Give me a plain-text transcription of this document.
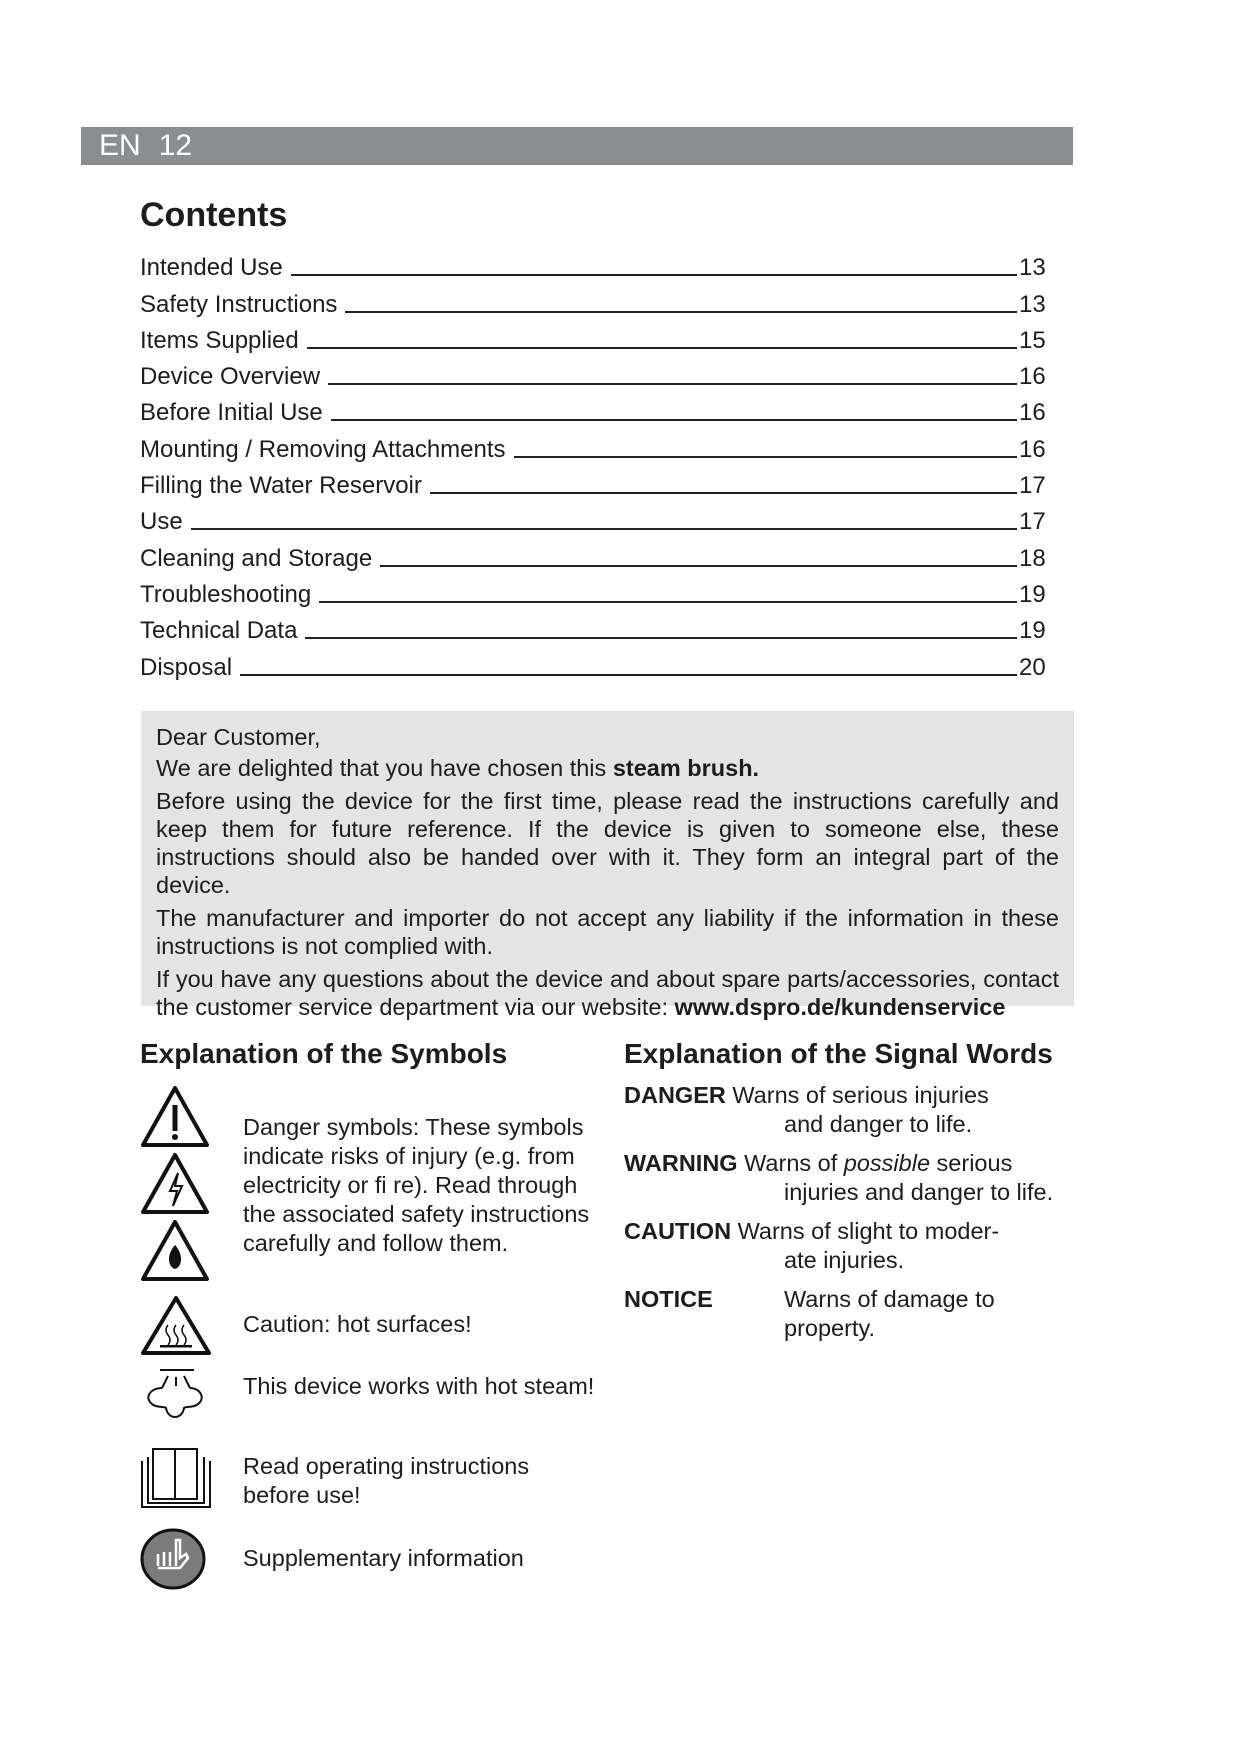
EN 12
Contents
Intended Use	13
Safety Instructions	13
Items Supplied	15
Device Overview	16
Before Initial Use	16
Mounting / Removing Attachments	16
Filling the Water Reservoir	17
Use	17
Cleaning and Storage	18
Troubleshooting	19
Technical Data	19
Disposal	20

Dear Customer,

We are delighted that you have chosen this steam brush.

Before using the device for the first time, please read the instructions carefully and keep them for future reference. If the device is given to someone else, these instructions should also be handed over with it. They form an integral part of the device.

The manufacturer and importer do not accept any liability if the information in these instructions is not complied with.

If you have any questions about the device and about spare parts/accessories, contact the customer service department via our website: www.dspro.de/kundenservice

Explanation of the Symbols
Danger symbols: These symbols indicate risks of injury (e.g. from electricity or fi re). Read through the associated safety instructions carefully and follow them.
Caution: hot surfaces!
This device works with hot steam!
Read operating instructions before use!
Supplementary information
Explanation of the Signal Words
DANGER Warns of serious injuries
and danger to life.
WARNING Warns of possible serious
injuries and danger to life.
CAUTION Warns of slight to moder-
ate injuries.
NOTICE	Warns of damage to
property.
